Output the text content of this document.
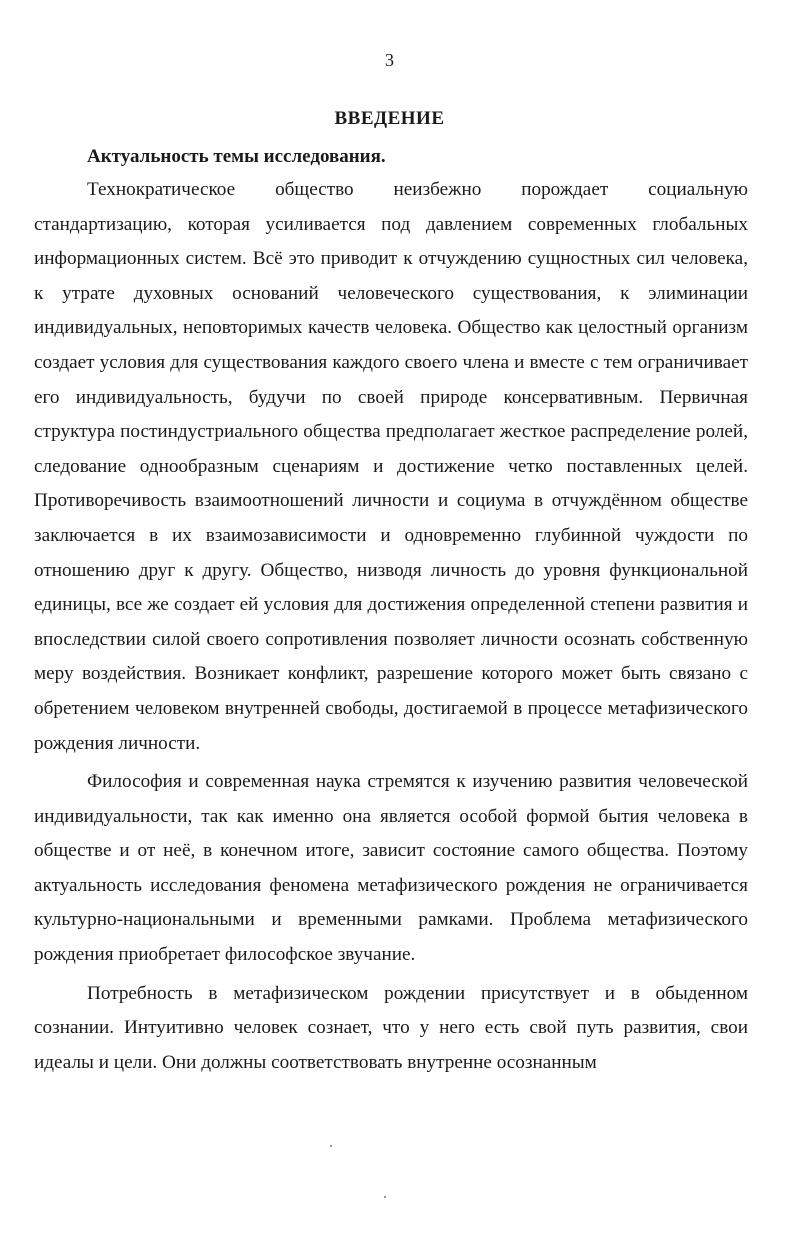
3
ВВЕДЕНИЕ
Актуальность темы исследования.

Технократическое общество неизбежно порождает социальную стандартизацию, которая усиливается под давлением современных глобальных информационных систем. Всё это приводит к отчуждению сущностных сил человека, к утрате духовных оснований человеческого существования, к элиминации индивидуальных, неповторимых качеств человека. Общество как целостный организм создает условия для существования каждого своего члена и вместе с тем ограничивает его индивидуальность, будучи по своей природе консервативным. Первичная структура постиндустриального общества предполагает жесткое распределение ролей, следование однообразным сценариям и достижение четко поставленных целей. Противоречивость взаимоотношений личности и социума в отчуждённом обществе заключается в их взаимозависимости и одновременно глубинной чуждости по отношению друг к другу. Общество, низводя личность до уровня функциональной единицы, все же создает ей условия для достижения определенной степени развития и впоследствии силой своего сопротивления позволяет личности осознать собственную меру воздействия. Возникает конфликт, разрешение которого может быть связано с обретением человеком внутренней свободы, достигаемой в процессе метафизического рождения личности.

Философия и современная наука стремятся к изучению развития человеческой индивидуальности, так как именно она является особой формой бытия человека в обществе и от неё, в конечном итоге, зависит состояние самого общества. Поэтому актуальность исследования феномена метафизического рождения не ограничивается культурно-национальными и временными рамками. Проблема метафизического рождения приобретает философское звучание.

Потребность в метафизическом рождении присутствует и в обыденном сознании. Интуитивно человек сознает, что у него есть свой путь развития, свои идеалы и цели. Они должны соответствовать внутренне осознанным
